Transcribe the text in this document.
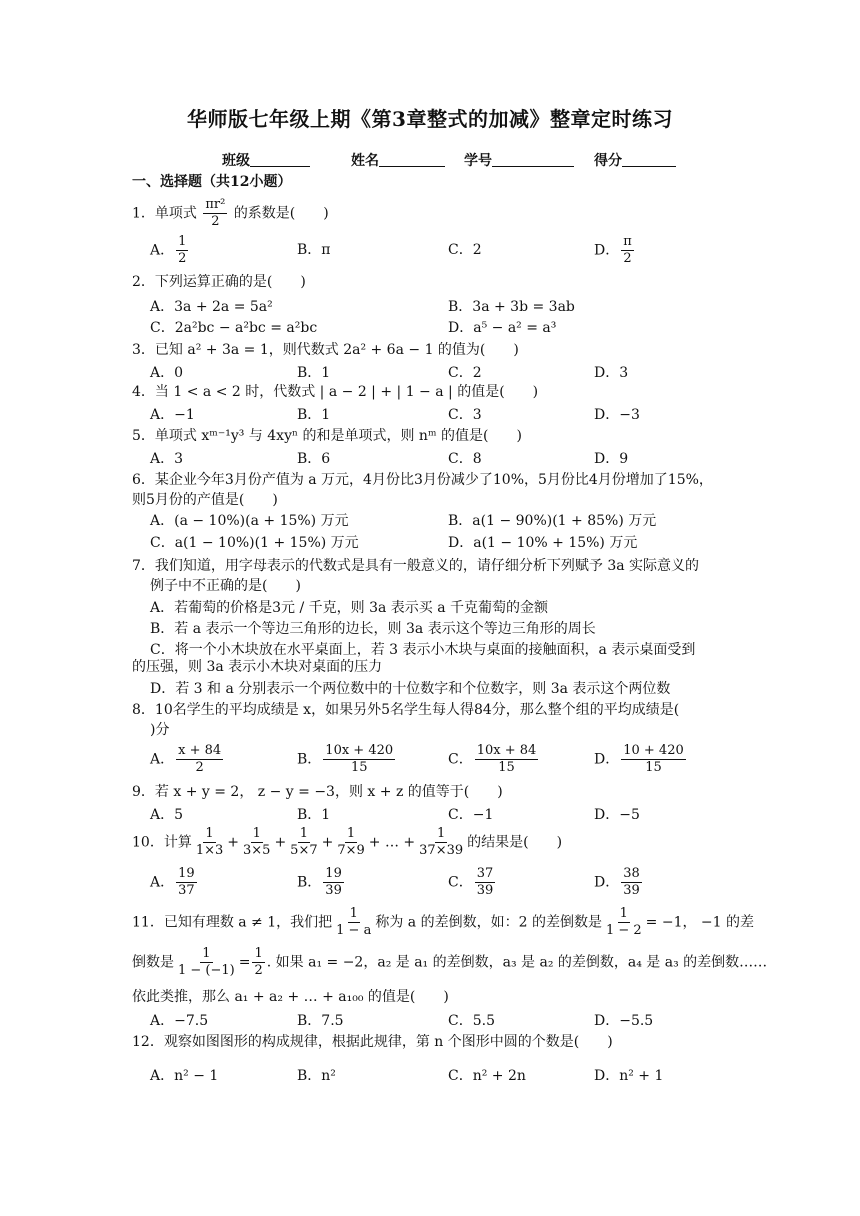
华师版七年级上期《第3章整式的加减》整章定时练习
班级	姓名	学号	得分
一、选择题（共12小题）
1．单项式 $\frac{\text{πr²}}{2}$ 的系数是(　　)
A． $\frac{1}{2}$	B．π	C．2	D． $\frac{\pi}{2}$
2．下列运算正确的是(　　)
A．3a + 2a = 5a²	B．3a + 3b = 3ab
C．2a²bc − a²bc = a²bc	D．a⁵ − a² = a³
3．已知 a² + 3a = 1，则代数式 2a² + 6a − 1 的值为(　　)
A．0	B．1	C．2	D．3
4．当 1 < a < 2 时，代数式 | a − 2 | + | 1 − a | 的值是(　　)
A．−1	B．1	C．3	D．−3
5．单项式 xᵐ⁻¹y³ 与 4xyⁿ 的和是单项式，则 nᵐ 的值是(　　)
A．3	B．6	C．8	D．9
6．某企业今年3月份产值为 a 万元，4月份比3月份减少了10%，5月份比4月份增加了15%，
则5月份的产值是(　　)
A．(a − 10%)(a + 15%) 万元	B．a(1 − 90%)(1 + 85%) 万元
C．a(1 − 10%)(1 + 15%) 万元	D．a(1 − 10% + 15%) 万元
7．我们知道，用字母表示的代数式是具有一般意义的，请仔细分析下列赋予 3a 实际意义的
例子中不正确的是(　　)
A．若葡萄的价格是3元 / 千克，则 3a 表示买 a 千克葡萄的金额
B．若 a 表示一个等边三角形的边长，则 3a 表示这个等边三角形的周长
C．将一个小木块放在水平桌面上，若 3 表示小木块与桌面的接触面积，a 表示桌面受到
的压强，则 3a 表示小木块对桌面的压力
D．若 3 和 a 分别表示一个两位数中的十位数字和个位数字，则 3a 表示这个两位数
8．10名学生的平均成绩是 x，如果另外5名学生每人得84分，那么整个组的平均成绩是(
)分
A． $\frac{x + 84}{2}$	B． $\frac{10x + 420}{15}$	C． $\frac{10x + 84}{15}$	D． $\frac{10 + 420}{15}$
9．若 x + y = 2， z − y = −3，则 x + z 的值等于(　　)
A．5	B．1	C．−1	D．−5
10．计算 $\frac{1}{1\times 3} + \frac{1}{3\times 5} + \frac{1}{5\times 7} + \frac{1}{7\times 9}$ + … + $\frac{1}{37\times 39}$ 的结果是(　　)
A． $\frac{19}{37}$	B． $\frac{19}{39}$	C． $\frac{37}{39}$	D． $\frac{38}{39}$
11．已知有理数 a ≠ 1，我们把 $\frac{1}{1 - a}$ 称为 a 的差倒数，如：2 的差倒数是 $\frac{1}{1 - 2} = -1$， −1 的差
倒数是 $\frac{1}{1 - (-1)} = \frac{1}{2}$ . 如果 a₁ = −2，a₂ 是 a₁ 的差倒数，a₃ 是 a₂ 的差倒数，a₄ 是 a₃ 的差倒数……
依此类推，那么 a₁ + a₂ + … + a₁₀₀ 的值是(　　)
A．−7.5	B．7.5	C．5.5	D．−5.5
12．观察如图图形的构成规律，根据此规律，第 n 个图形中圆的个数是(　　)
A．n² − 1	B．n²	C．n² + 2n	D．n² + 1
